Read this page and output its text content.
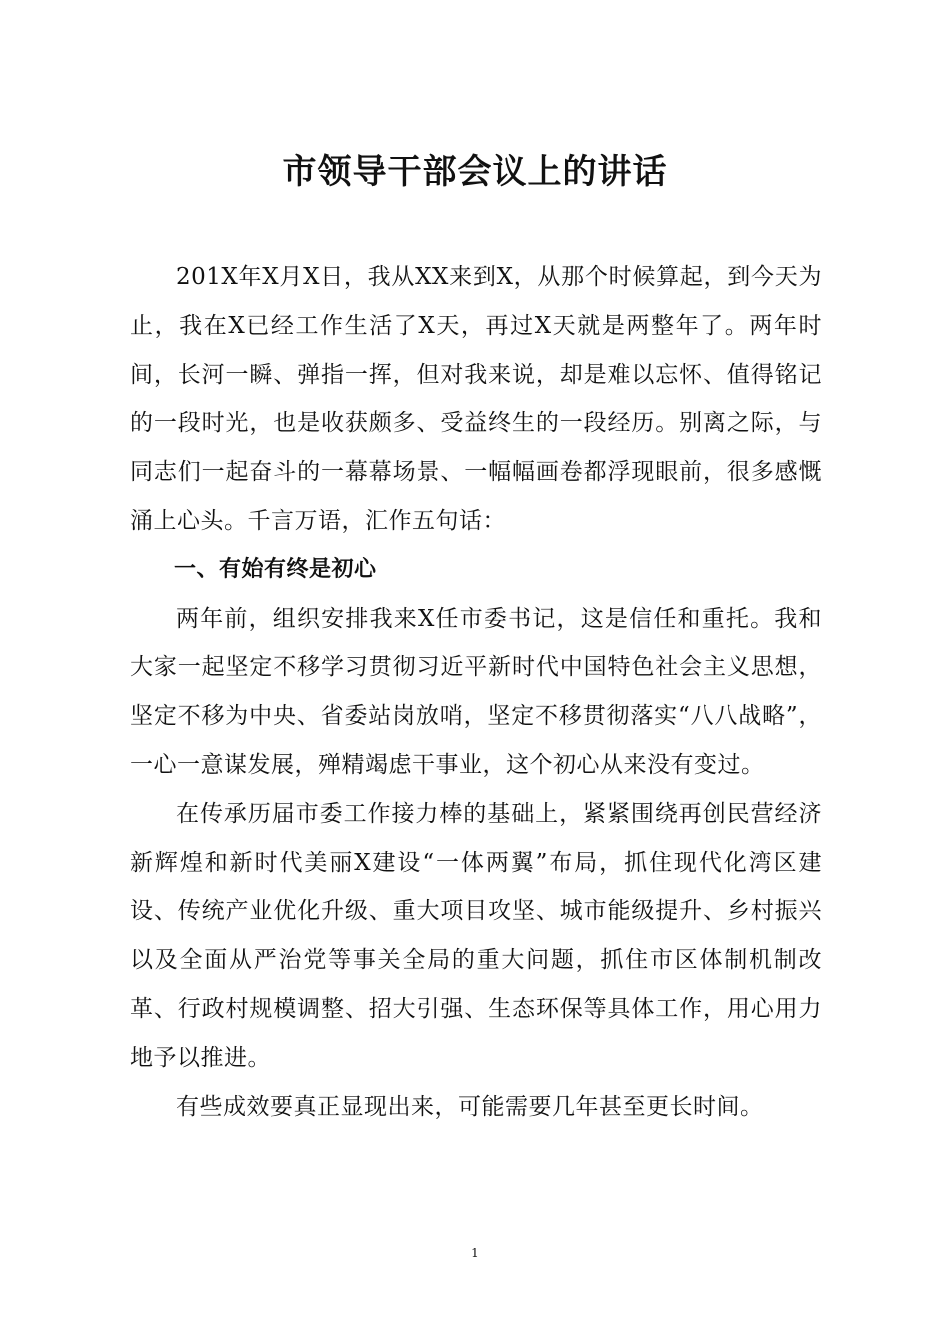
市领导干部会议上的讲话

201X年X月X日，我从XX来到X，从那个时候算起，到今天为止，我在X已经工作生活了X天，再过X天就是两整年了。两年时间，长河一瞬、弹指一挥，但对我来说，却是难以忘怀、值得铭记的一段时光，也是收获颇多、受益终生的一段经历。别离之际，与同志们一起奋斗的一幕幕场景、一幅幅画卷都浮现眼前，很多感慨涌上心头。千言万语，汇作五句话：

一、有始有终是初心

两年前，组织安排我来X任市委书记，这是信任和重托。我和大家一起坚定不移学习贯彻习近平新时代中国特色社会主义思想，坚定不移为中央、省委站岗放哨，坚定不移贯彻落实“八八战略”，一心一意谋发展，殚精竭虑干事业，这个初心从来没有变过。

在传承历届市委工作接力棒的基础上，紧紧围绕再创民营经济新辉煌和新时代美丽X建设“一体两翼”布局，抓住现代化湾区建设、传统产业优化升级、重大项目攻坚、城市能级提升、乡村振兴以及全面从严治党等事关全局的重大问题，抓住市区体制机制改革、行政村规模调整、招大引强、生态环保等具体工作，用心用力地予以推进。

有些成效要真正显现出来，可能需要几年甚至更长时间。

1
